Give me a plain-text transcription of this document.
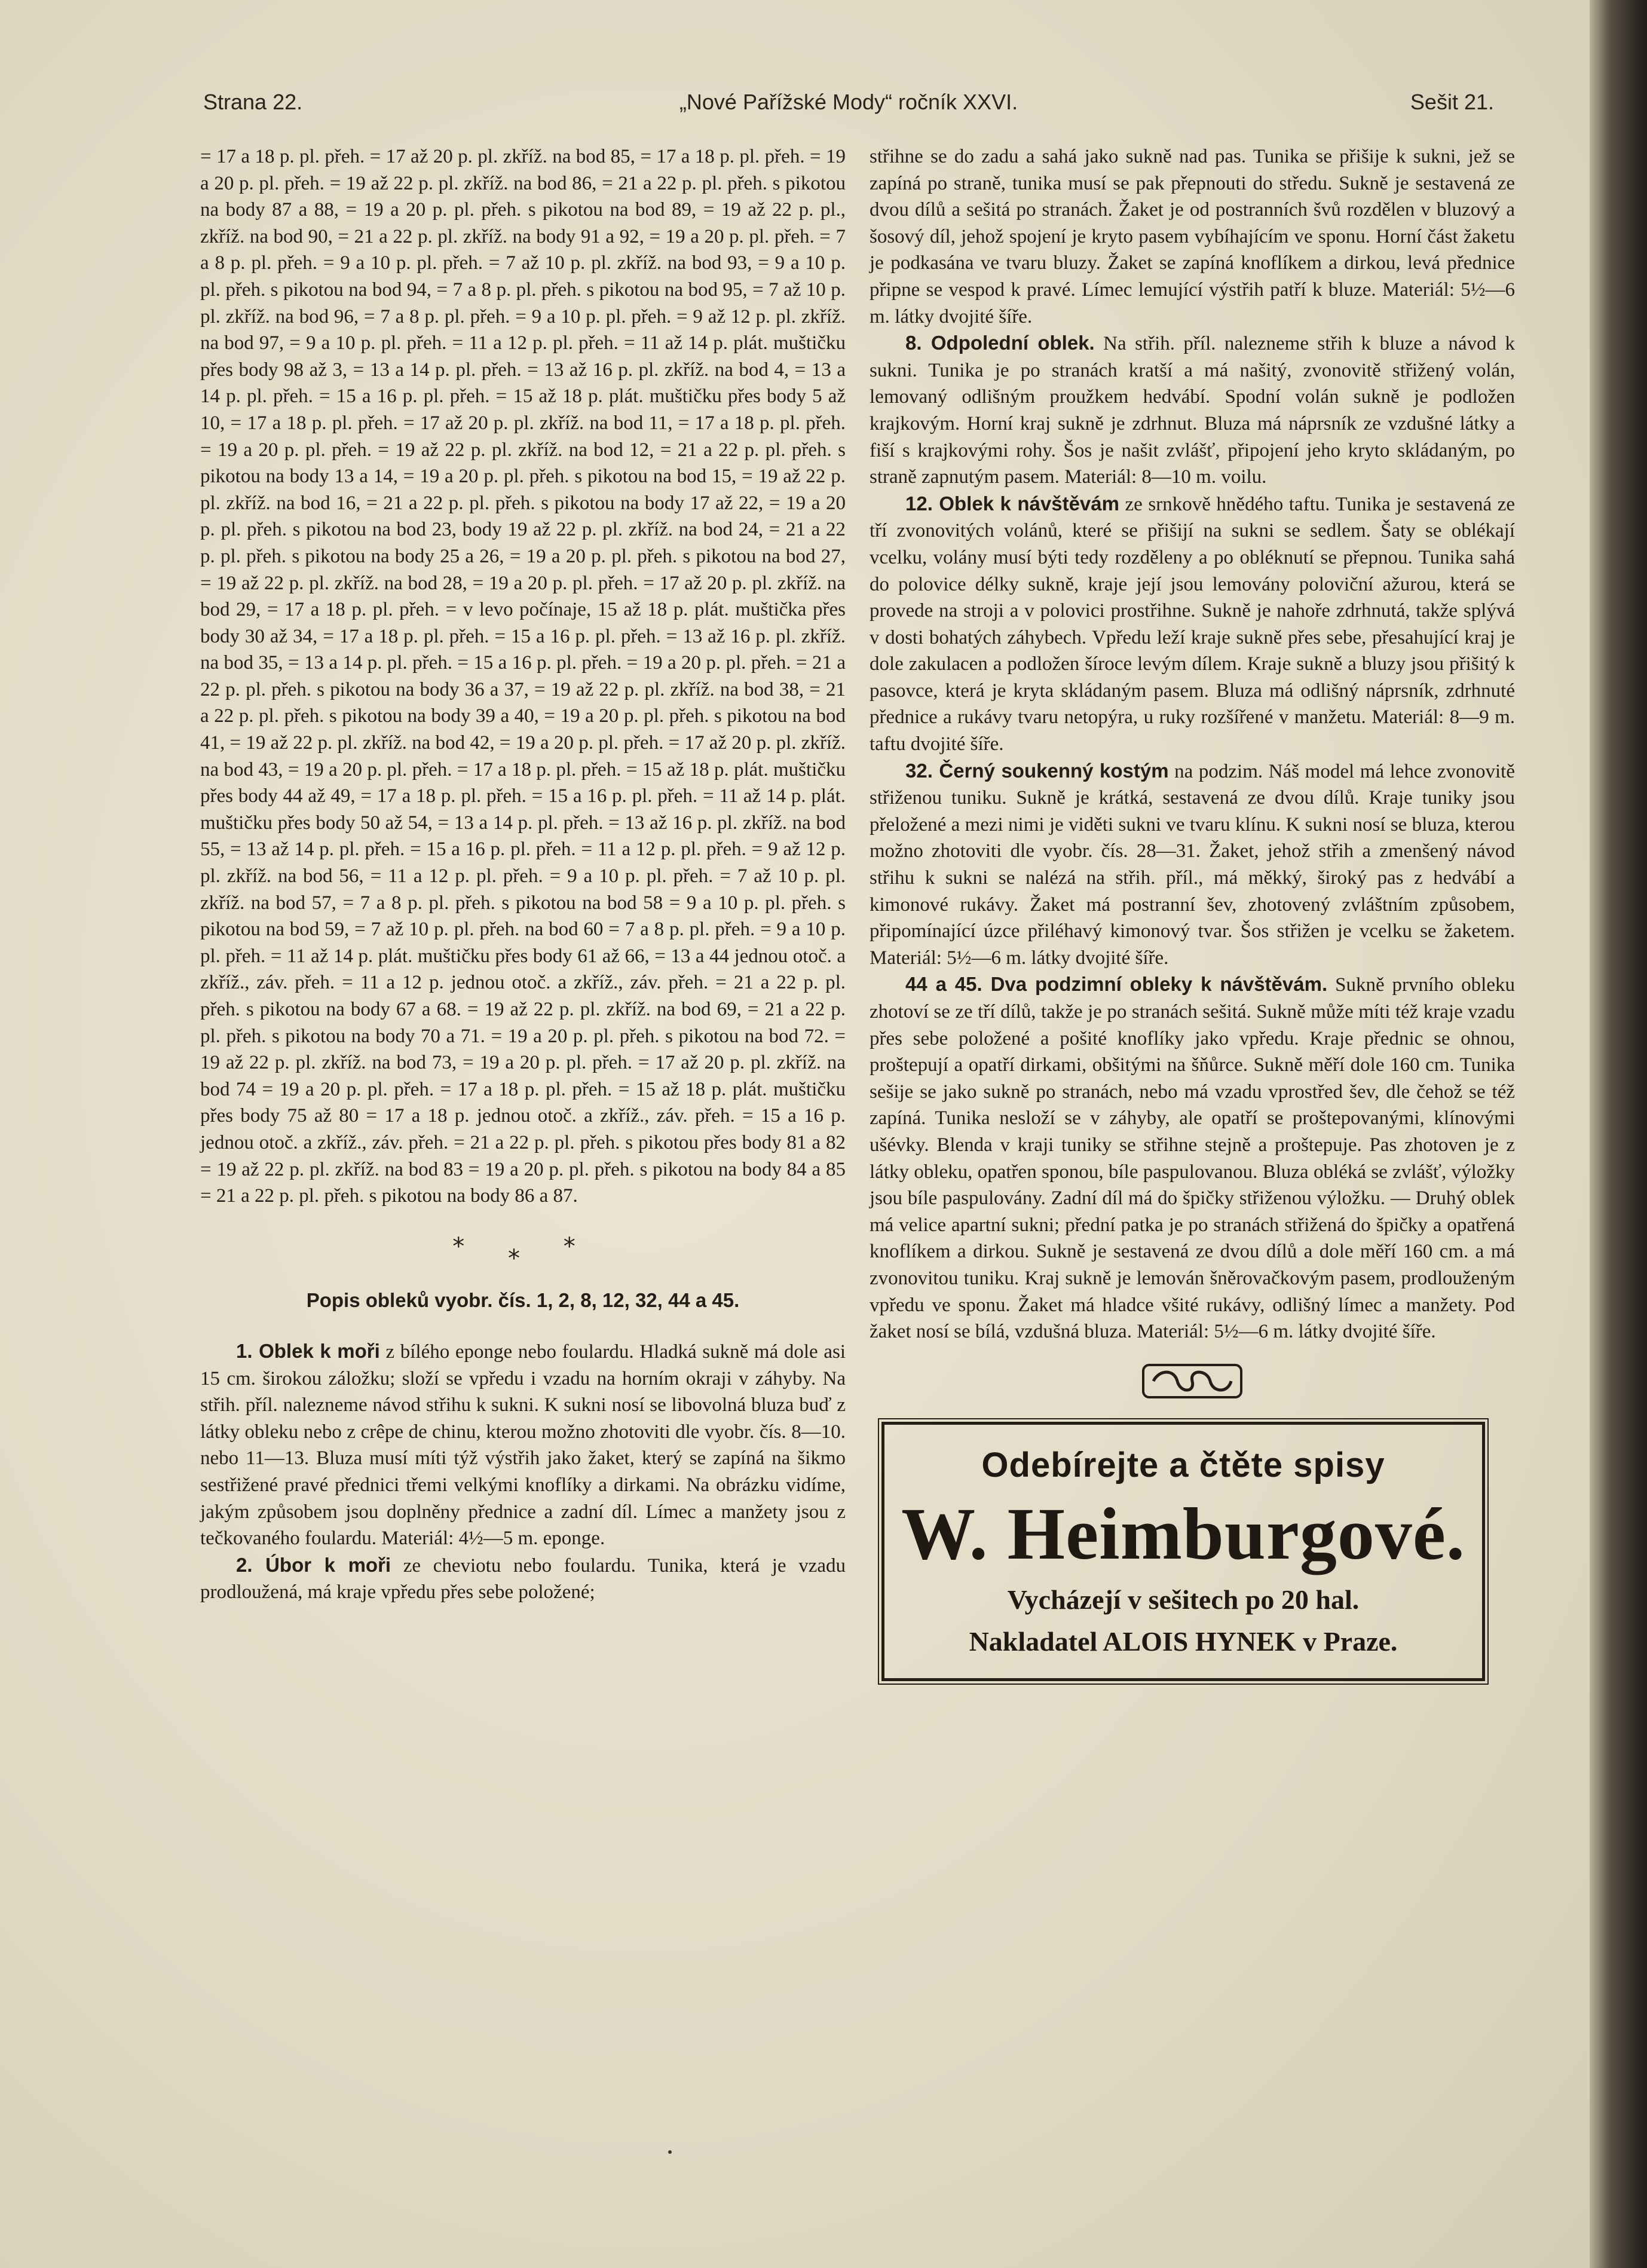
Strana 22.	„Nové Pařížské Mody“ ročník XXVI.	Sešit 21.

= 17 a 18 p. pl. přeh. = 17 až 20 p. pl. zkříž. na bod 85, = 17 a 18 p. pl. přeh. = 19 a 20 p. pl. přeh. = 19 až 22 p. pl. zkříž. na bod 86, = 21 a 22 p. pl. přeh. s pikotou na body 87 a 88, = 19 a 20 p. pl. přeh. s pikotou na bod 89, = 19 až 22 p. pl., zkříž. na bod 90, = 21 a 22 p. pl. zkříž. na body 91 a 92, = 19 a 20 p. pl. přeh. = 7 a 8 p. pl. přeh. = 9 a 10 p. pl. přeh. = 7 až 10 p. pl. zkříž. na bod 93, = 9 a 10 p. pl. přeh. s pikotou na bod 94, = 7 a 8 p. pl. přeh. s pikotou na bod 95, = 7 až 10 p. pl. zkříž. na bod 96, = 7 a 8 p. pl. přeh. = 9 a 10 p. pl. přeh. = 9 až 12 p. pl. zkříž. na bod 97, = 9 a 10 p. pl. přeh. = 11 a 12 p. pl. přeh. = 11 až 14 p. plát. muštičku přes body 98 až 3, = 13 a 14 p. pl. přeh. = 13 až 16 p. pl. zkříž. na bod 4, = 13 a 14 p. pl. přeh. = 15 a 16 p. pl. přeh. = 15 až 18 p. plát. muštičku přes body 5 až 10, = 17 a 18 p. pl. přeh. = 17 až 20 p. pl. zkříž. na bod 11, = 17 a 18 p. pl. přeh. = 19 a 20 p. pl. přeh. = 19 až 22 p. pl. zkříž. na bod 12, = 21 a 22 p. pl. přeh. s pikotou na body 13 a 14, = 19 a 20 p. pl. přeh. s pikotou na bod 15, = 19 až 22 p. pl. zkříž. na bod 16, = 21 a 22 p. pl. přeh. s pikotou na body 17 až 22, = 19 a 20 p. pl. přeh. s pikotou na bod 23, body 19 až 22 p. pl. zkříž. na bod 24, = 21 a 22 p. pl. přeh. s pikotou na body 25 a 26, = 19 a 20 p. pl. přeh. s pikotou na bod 27, = 19 až 22 p. pl. zkříž. na bod 28, = 19 a 20 p. pl. přeh. = 17 až 20 p. pl. zkříž. na bod 29, = 17 a 18 p. pl. přeh. = v levo počínaje, 15 až 18 p. plát. muštička přes body 30 až 34, = 17 a 18 p. pl. přeh. = 15 a 16 p. pl. přeh. = 13 až 16 p. pl. zkříž. na bod 35, = 13 a 14 p. pl. přeh. = 15 a 16 p. pl. přeh. = 19 a 20 p. pl. přeh. = 21 a 22 p. pl. přeh. s pikotou na body 36 a 37, = 19 až 22 p. pl. zkříž. na bod 38, = 21 a 22 p. pl. přeh. s pikotou na body 39 a 40, = 19 a 20 p. pl. přeh. s pikotou na bod 41, = 19 až 22 p. pl. zkříž. na bod 42, = 19 a 20 p. pl. přeh. = 17 až 20 p. pl. zkříž. na bod 43, = 19 a 20 p. pl. přeh. = 17 a 18 p. pl. přeh. = 15 až 18 p. plát. muštičku přes body 44 až 49, = 17 a 18 p. pl. přeh. = 15 a 16 p. pl. přeh. = 11 až 14 p. plát. muštičku přes body 50 až 54, = 13 a 14 p. pl. přeh. = 13 až 16 p. pl. zkříž. na bod 55, = 13 až 14 p. pl. přeh. = 15 a 16 p. pl. přeh. = 11 a 12 p. pl. přeh. = 9 až 12 p. pl. zkříž. na bod 56, = 11 a 12 p. pl. přeh. = 9 a 10 p. pl. přeh. = 7 až 10 p. pl. zkříž. na bod 57, = 7 a 8 p. pl. přeh. s pikotou na bod 58 = 9 a 10 p. pl. přeh. s pikotou na bod 59, = 7 až 10 p. pl. přeh. na bod 60 = 7 a 8 p. pl. přeh. = 9 a 10 p. pl. přeh. = 11 až 14 p. plát. muštičku přes body 61 až 66, = 13 a 44 jednou otoč. a zkříž., záv. přeh. = 11 a 12 p. jednou otoč. a zkříž., záv. přeh. = 21 a 22 p. pl. přeh. s pikotou na body 67 a 68. = 19 až 22 p. pl. zkříž. na bod 69, = 21 a 22 p. pl. přeh. s pikotou na body 70 a 71. = 19 a 20 p. pl. přeh. s pikotou na bod 72. = 19 až 22 p. pl. zkříž. na bod 73, = 19 a 20 p. pl. přeh. = 17 až 20 p. pl. zkříž. na bod 74 = 19 a 20 p. pl. přeh. = 17 a 18 p. pl. přeh. = 15 až 18 p. plát. muštičku přes body 75 až 80 = 17 a 18 p. jednou otoč. a zkříž., záv. přeh. = 15 a 16 p. jednou otoč. a zkříž., záv. přeh. = 21 a 22 p. pl. přeh. s pikotou přes body 81 a 82 = 19 až 22 p. pl. zkříž. na bod 83 = 19 a 20 p. pl. přeh. s pikotou na body 84 a 85 = 21 a 22 p. pl. přeh. s pikotou na body 86 a 87.

* * *
Popis obleků vyobr. čís. 1, 2, 8, 12, 32, 44 a 45.

1. Oblek k moři z bílého eponge nebo foulardu. Hladká sukně má dole asi 15 cm. širokou záložku; složí se vpředu i vzadu na horním okraji v záhyby. Na střih. příl. nalezneme návod střihu k sukni. K sukni nosí se libovolná bluza buď z látky obleku nebo z crêpe de chinu, kterou možno zhotoviti dle vyobr. čís. 8—10. nebo 11—13. Bluza musí míti týž výstřih jako žaket, který se zapíná na šikmo sestřižené pravé přednici třemi velkými knoflíky a dirkami. Na obrázku vidíme, jakým způsobem jsou doplněny přednice a zadní díl. Límec a manžety jsou z tečkovaného foulardu. Materiál: 4½—5 m. eponge.

2. Úbor k moři ze cheviotu nebo foulardu. Tunika, která je vzadu prodloužená, má kraje vpředu přes sebe položené;

střihne se do zadu a sahá jako sukně nad pas. Tunika se přišije k sukni, jež se zapíná po straně, tunika musí se pak přepnouti do středu. Sukně je sestavená ze dvou dílů a sešitá po stranách. Žaket je od postranních švů rozdělen v bluzový a šosový díl, jehož spojení je kryto pasem vybíhajícím ve sponu. Horní část žaketu je podkasána ve tvaru bluzy. Žaket se zapíná knoflíkem a dirkou, levá přednice připne se vespod k pravé. Límec lemující výstřih patří k bluze. Materiál: 5½—6 m. látky dvojité šíře.

8. Odpolední oblek. Na střih. příl. nalezneme střih k bluze a návod k sukni. Tunika je po stranách kratší a má našitý, zvonovitě střižený volán, lemovaný odlišným proužkem hedvábí. Spodní volán sukně je podložen krajkovým. Horní kraj sukně je zdrhnut. Bluza má náprsník ze vzdušné látky a fiší s krajkovými rohy. Šos je našit zvlášť, připojení jeho kryto skládaným, po straně zapnutým pasem. Materiál: 8—10 m. voilu.

12. Oblek k návštěvám ze srnkově hnědého taftu. Tunika je sestavená ze tří zvonovitých volánů, které se přišijí na sukni se sedlem. Šaty se oblékají vcelku, volány musí býti tedy rozděleny a po obléknutí se přepnou. Tunika sahá do polovice délky sukně, kraje její jsou lemovány poloviční ažurou, která se provede na stroji a v polovici prostřihne. Sukně je nahoře zdrhnutá, takže splývá v dosti bohatých záhybech. Vpředu leží kraje sukně přes sebe, přesahující kraj je dole zakulacen a podložen šíroce levým dílem. Kraje sukně a bluzy jsou přišitý k pasovce, která je kryta skládaným pasem. Bluza má odlišný náprsník, zdrhnuté přednice a rukávy tvaru netopýra, u ruky rozšířené v manžetu. Materiál: 8—9 m. taftu dvojité šíře.

32. Černý soukenný kostým na podzim. Náš model má lehce zvonovitě střiženou tuniku. Sukně je krátká, sestavená ze dvou dílů. Kraje tuniky jsou přeložené a mezi nimi je viděti sukni ve tvaru klínu. K sukni nosí se bluza, kterou možno zhotoviti dle vyobr. čís. 28—31. Žaket, jehož střih a zmenšený návod střihu k sukni se nalézá na střih. příl., má měkký, široký pas z hedvábí a kimonové rukávy. Žaket má postranní šev, zhotovený zvláštním způsobem, připomínající úzce přiléhavý kimonový tvar. Šos střižen je vcelku se žaketem. Materiál: 5½—6 m. látky dvojité šíře.

44 a 45. Dva podzimní obleky k návštěvám. Sukně prvního obleku zhotoví se ze tří dílů, takže je po stranách sešitá. Sukně může míti též kraje vzadu přes sebe položené a pošité knoflíky jako vpředu. Kraje přednic se ohnou, proštepují a opatří dirkami, obšitými na šňůrce. Sukně měří dole 160 cm. Tunika sešije se jako sukně po stranách, nebo má vzadu vprostřed šev, dle čehož se též zapíná. Tunika nesloží se v záhyby, ale opatří se proštepovanými, klínovými ušévky. Blenda v kraji tuniky se střihne stejně a proštepuje. Pas zhotoven je z látky obleku, opatřen sponou, bíle paspulovanou. Bluza obléká se zvlášť, výložky jsou bíle paspulovány. Zadní díl má do špičky střiženou výložku. — Druhý oblek má velice apartní sukni; přední patka je po stranách střižená do špičky a opatřená knoflíkem a dirkou. Sukně je sestavená ze dvou dílů a dole měří 160 cm. a má zvonovitou tuniku. Kraj sukně je lemován šněrovačkovým pasem, prodlouženým vpředu ve sponu. Žaket má hladce všité rukávy, odlišný límec a manžety. Pod žaket nosí se bílá, vzdušná bluza. Materiál: 5½—6 m. látky dvojité šíře.

Odebírejte a čtěte spisy
W. Heimburgové.
Vycházejí v sešitech po 20 hal.
Nakladatel ALOIS HYNEK v Praze.
